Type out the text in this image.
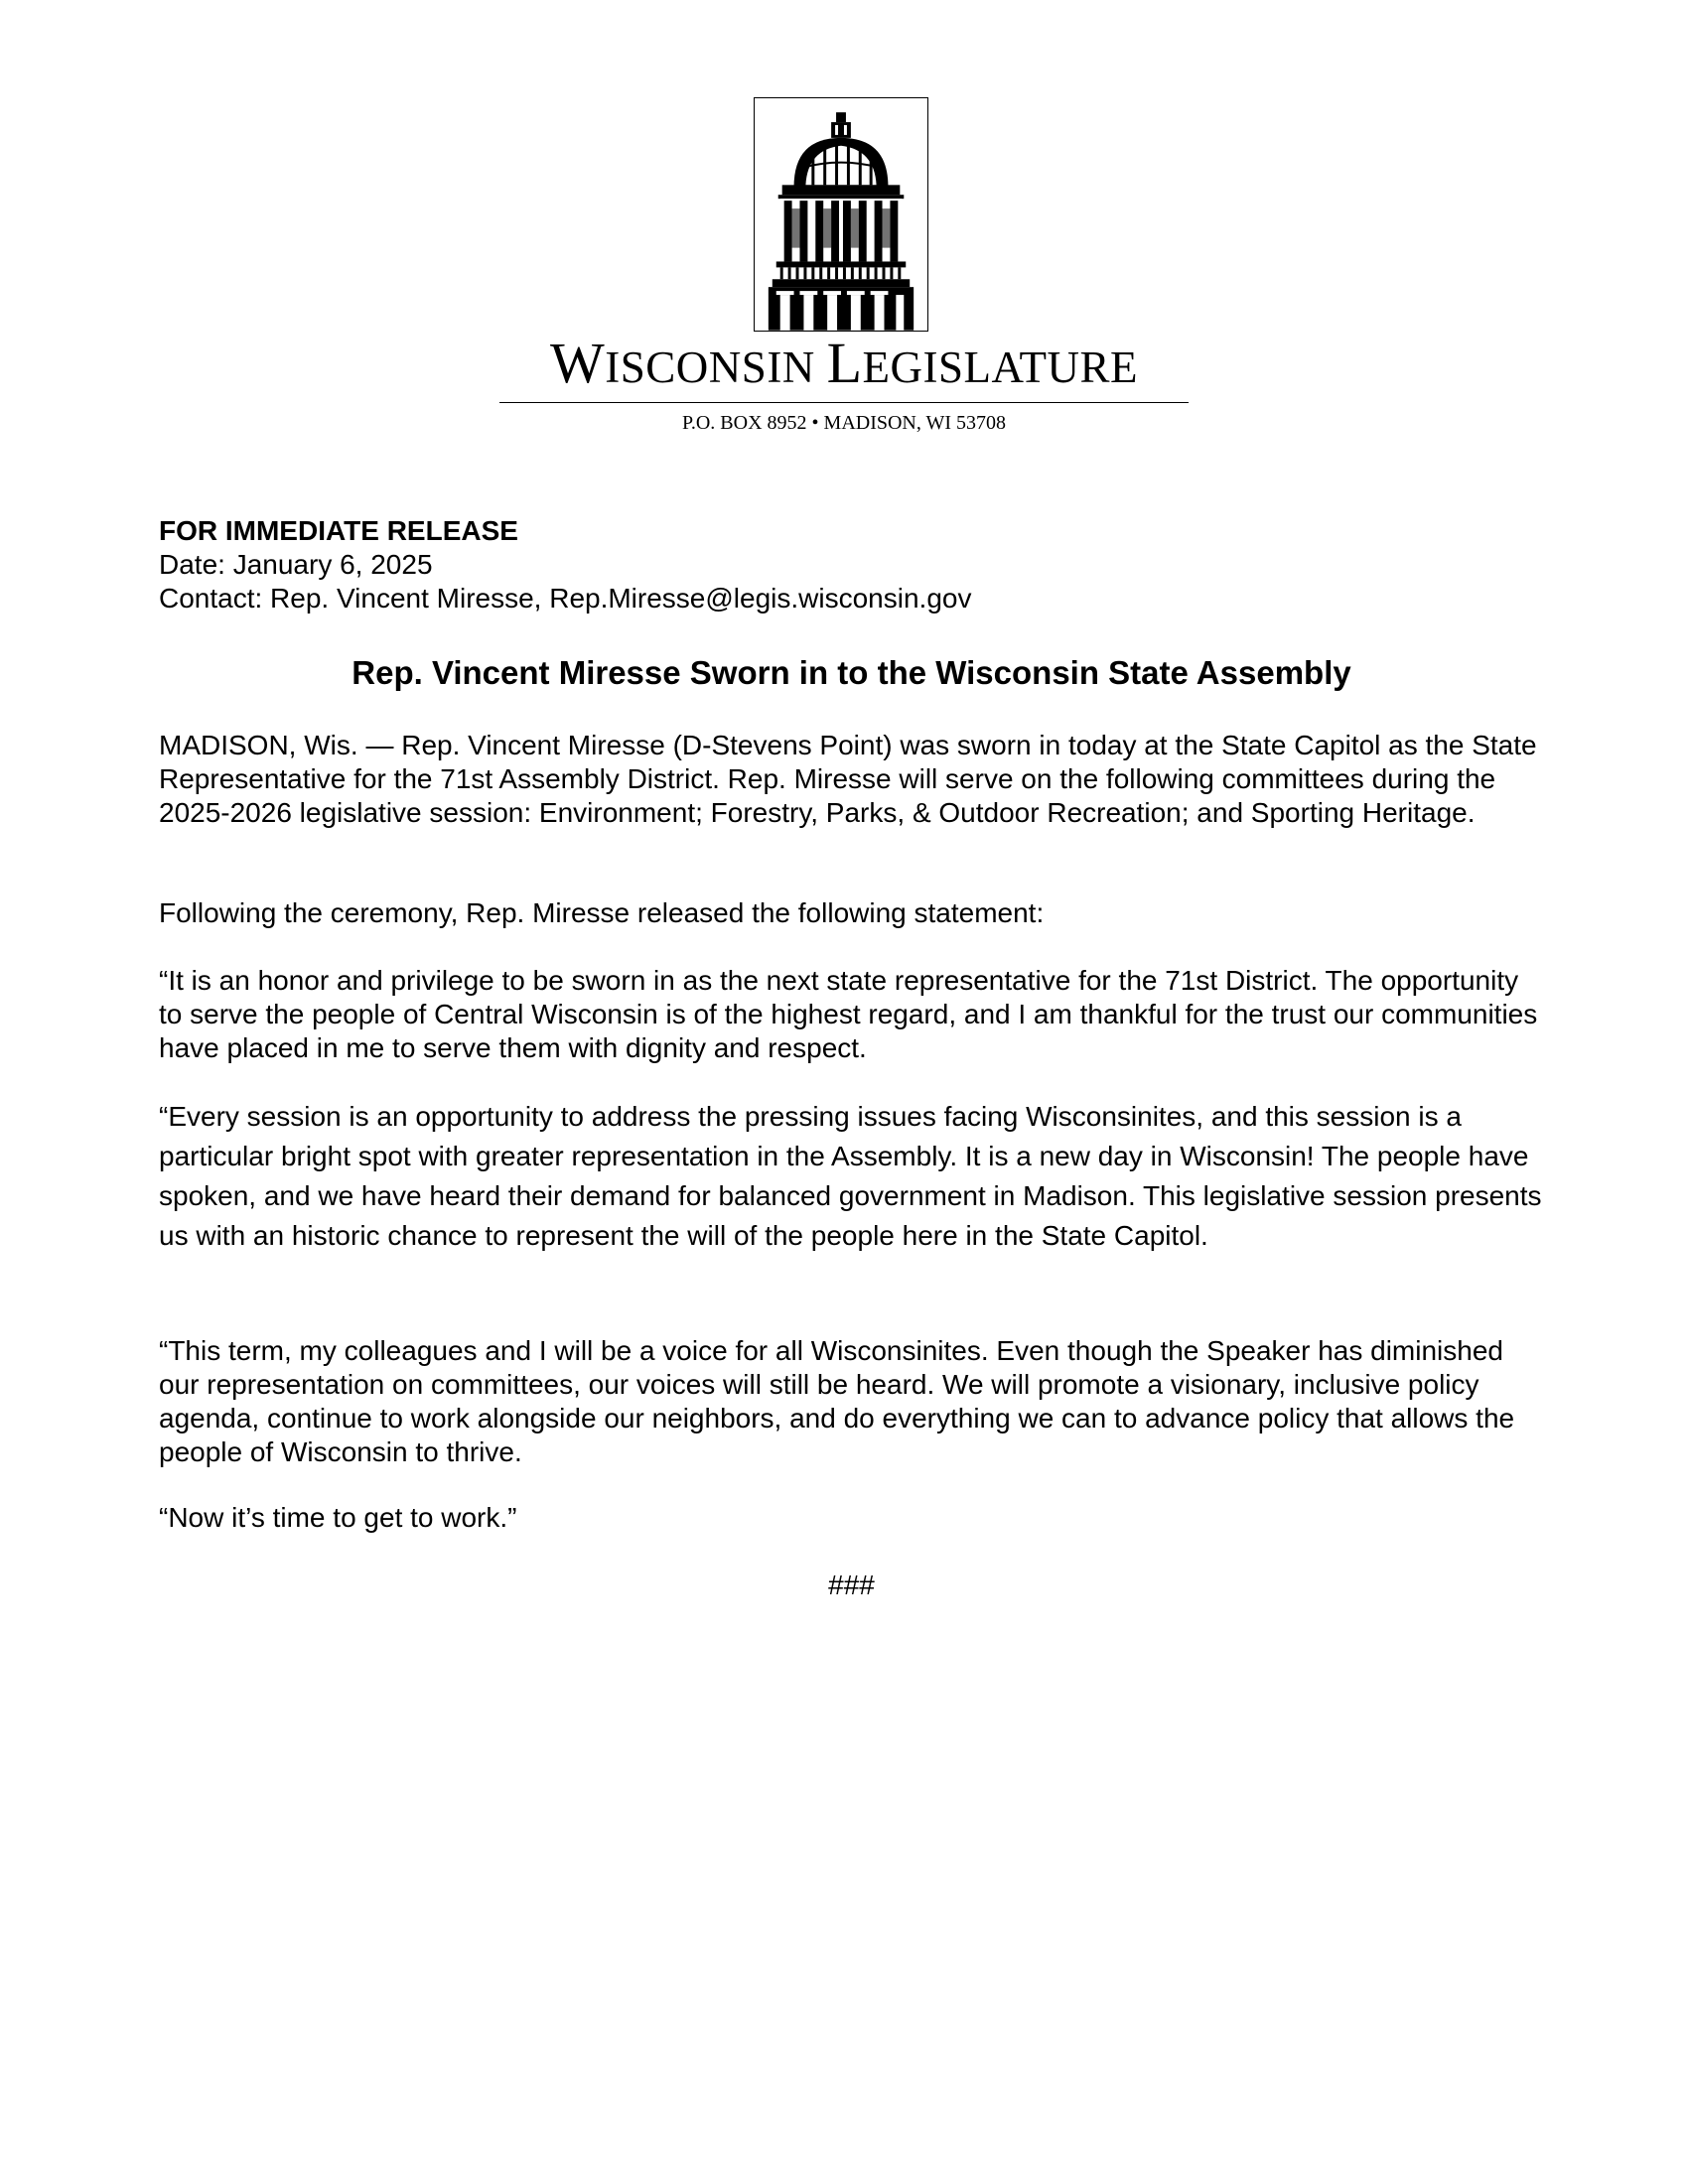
WISCONSIN LEGISLATURE
P.O. BOX 8952 • MADISON, WI 53708
FOR IMMEDIATE RELEASE
Date: January 6, 2025
Contact: Rep. Vincent Miresse, Rep.Miresse@legis.wisconsin.gov
Rep. Vincent Miresse Sworn in to the Wisconsin State Assembly

MADISON, Wis. — Rep. Vincent Miresse (D-Stevens Point) was sworn in today at the State Capitol as the State Representative for the 71st Assembly District. Rep. Miresse will serve on the following committees during the 2025-2026 legislative session: Environment; Forestry, Parks, & Outdoor Recreation; and Sporting Heritage.

Following the ceremony, Rep. Miresse released the following statement:

“It is an honor and privilege to be sworn in as the next state representative for the 71st District. The opportunity to serve the people of Central Wisconsin is of the highest regard, and I am thankful for the trust our communities have placed in me to serve them with dignity and respect.

“Every session is an opportunity to address the pressing issues facing Wisconsinites, and this session is a particular bright spot with greater representation in the Assembly. It is a new day in Wisconsin! The people have spoken, and we have heard their demand for balanced government in Madison. This legislative session presents us with an historic chance to represent the will of the people here in the State Capitol.

“This term, my colleagues and I will be a voice for all Wisconsinites. Even though the Speaker has diminished our representation on committees, our voices will still be heard. We will promote a visionary, inclusive policy agenda, continue to work alongside our neighbors, and do everything we can to advance policy that allows the people of Wisconsin to thrive.

“Now it’s time to get to work.”

###
